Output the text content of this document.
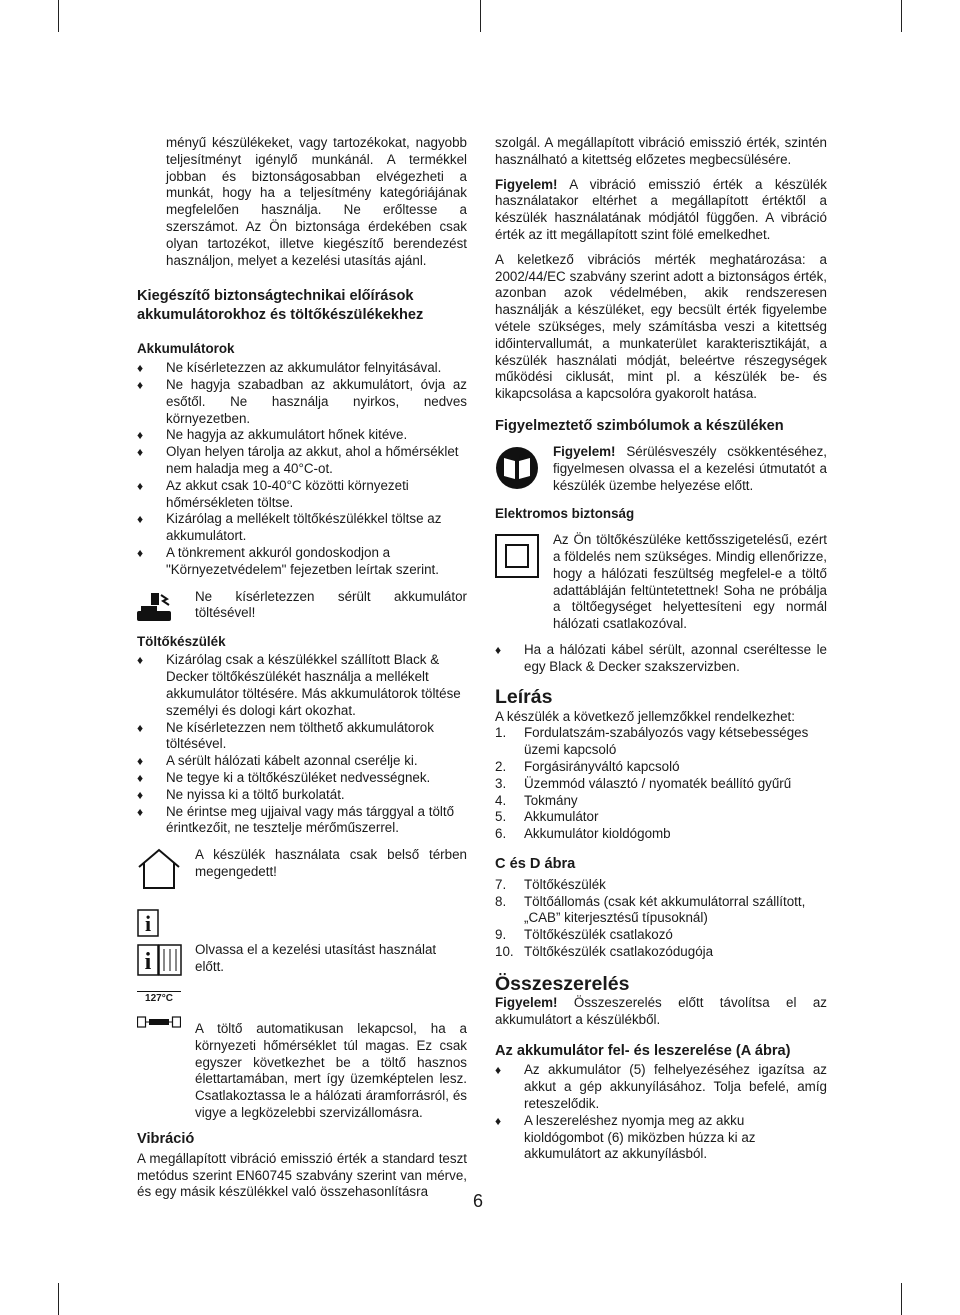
ményű készülékeket, vagy tartozékokat, nagyobb teljesítményt igénylő munkánál. A termékkel jobban és biztonságosabban elvégezheti a munkát, hogy ha a teljesítmény kategóriájának megfelelően használja. Ne erőltesse a szerszámot. Az Ön biztonsága érdekében csak olyan tartozékot, illetve kiegészítő berendezést használjon, melyet a kezelési utasítás ajánl.

Kiegészítő biztonságtechnikai előírások akkumulátorokhoz és töltőkészülékekhez

Akkumulátorok

♦ Ne kísérletezzen az akkumulátor felnyitásával.
♦ Ne hagyja szabadban az akkumulátort, óvja az esőtől. Ne használja nyirkos, nedves környezetben.
♦ Ne hagyja az akkumulátort hőnek kitéve.
♦ Olyan helyen tárolja az akkut, ahol a hőmérséklet nem haladja meg a 40°C-ot.
♦ Az akkut csak 10-40°C közötti környezeti hőmérsékleten töltse.
♦ Kizárólag a mellékelt töltőkészülékkel töltse az akkumulátort.
♦ A tönkrement akkuról gondoskodjon a "Környezetvédelem" fejezetben leírtak szerint.

Ne kísérletezzen sérült akkumulátor töltésével!

Töltőkészülék

♦ Kizárólag csak a készülékkel szállított Black & Decker töltőkészülékét használja a mellékelt akkumulátor töltésére. Más akkumulátorok töltése személyi és dologi kárt okozhat.
♦ Ne kísérletezzen nem tölthető akkumulátorok töltésével.
♦ A sérült hálózati kábelt azonnal cserélje ki.
♦ Ne tegye ki a töltőkészüléket nedvességnek.
♦ Ne nyissa ki a töltő burkolatát.
♦ Ne érintse meg ujjaival vagy más tárggyal a töltő érintkezőit, ne tesztelje mérőműszerrel.

A készülék használata csak belső térben megengedett!

i
i	Olvassa el a kezelési utasítást használat előtt.

127°C

A töltő automatikusan lekapcsol, ha a környezeti hőmérséklet túl magas. Ez csak egyszer következhet be a töltő hasznos élettartamában, mert így üzemképtelen lesz. Csatlakoztassa le a hálózati áramforrásról, és vigye a legközelebbi szervizállomásra.

Vibráció

A megállapított vibráció emisszió érték a standard teszt metódus szerint EN60745 szabvány szerint van mérve, és egy másik készülékkel való összehasonlításra

szolgál. A megállapított vibráció emisszió érték, szintén használható a kitettség előzetes megbecsülésére.

Figyelem! A vibráció emisszió érték a készülék használatakor eltérhet a megállapított értéktől a készülék használatának módjától függően. A vibráció érték az itt megállapított szint fölé emelkedhet.

A keletkező vibrációs mérték meghatározása: a 2002/44/EC szabvány szerint adott a biztonságos érték, azonban azok védelmében, akik rendszeresen használják a készüléket, egy becsült érték figyelembe vétele szükséges, mely számításba veszi a kitettség időintervallumát, a munkaterület karakterisztikáját, a készülék használati módját, beleértve részegységek működési ciklusát, mint pl. a készülék be- és kikapcsolása a kapcsolóra gyakorolt hatása.

Figyelmeztető szimbólumok a készüléken

Figyelem! Sérülésveszély csökkentéséhez, figyelmesen olvassa el a kezelési útmutatót a készülék üzembe helyezése előtt.

Elektromos biztonság

Az Ön töltőkészüléke kettősszigetelésű, ezért a földelés nem szükséges. Mindig ellenőrizze, hogy a hálózati feszültség megfelel-e a töltő adattábláján feltüntetettnek! Soha ne próbálja a töltőegységet helyettesíteni egy normál hálózati csatlakozóval.

♦ Ha a hálózati kábel sérült, azonnal cseréltesse le egy Black & Decker szakszervizben.

Leírás

A készülék a következő jellemzőkkel rendelkezhet:

1. Fordulatszám-szabályozós vagy kétsebességes üzemi kapcsoló
2. Forgásirányváltó kapcsoló
3. Üzemmód választó / nyomaték beállító gyűrű
4. Tokmány
5. Akkumulátor
6. Akkumulátor kioldógomb

C és D ábra

7. Töltőkészülék
8. Töltőállomás (csak két akkumulátorral szállított, „CAB” kiterjesztésű típusoknál)
9. Töltőkészülék csatlakozó
10. Töltőkészülék csatlakozódugója

Összeszerelés

Figyelem! Összeszerelés előtt távolítsa el az akkumulátort a készülékből.

Az akkumulátor fel- és leszerelése (A ábra)

♦ Az akkumulátor (5) felhelyezéséhez igazítsa az akkut a gép akkunyílásához. Tolja befelé, amíg reteszelődik.
♦ A leszereléshez nyomja meg az akku kioldógombot (6) miközben húzza ki az akkumulátort az akkunyílásból.
6
